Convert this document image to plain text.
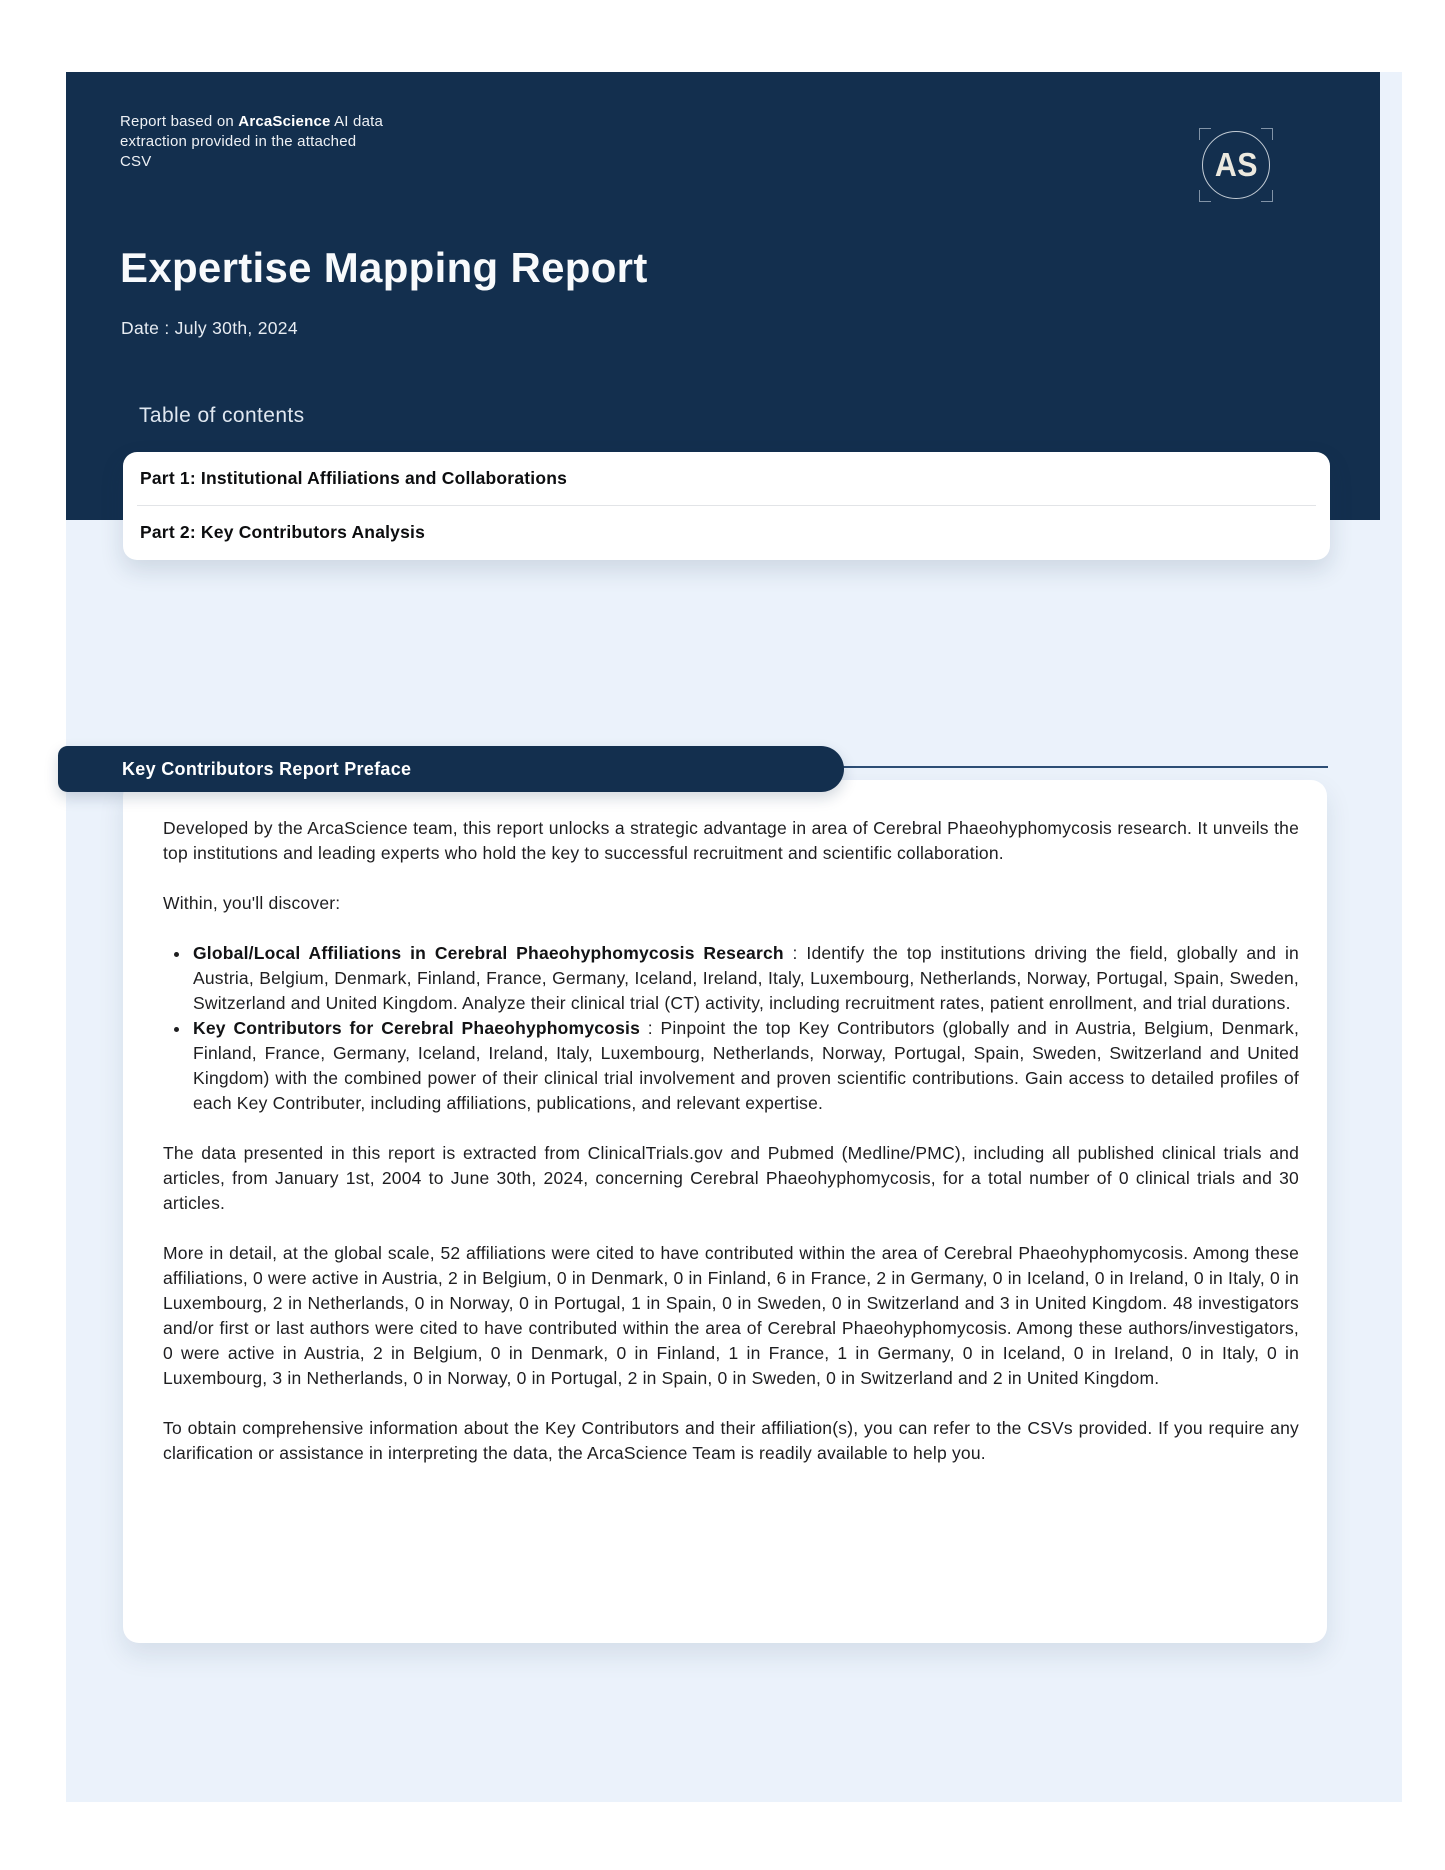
Report based on ArcaScience AI data extraction provided in the attached CSV	AS
Expertise Mapping Report

Date : July 30th, 2024

Table of contents
Part 1: Institutional Affiliations and Collaborations
Part 2: Key Contributors Analysis
Key Contributors Report Preface

Developed by the ArcaScience team, this report unlocks a strategic advantage in area of Cerebral Phaeohyphomycosis research. It unveils the top institutions and leading experts who hold the key to successful recruitment and scientific collaboration.

Within, you'll discover:

• Global/Local Affiliations in Cerebral Phaeohyphomycosis Research : Identify the top institutions driving the field, globally and in Austria, Belgium, Denmark, Finland, France, Germany, Iceland, Ireland, Italy, Luxembourg, Netherlands, Norway, Portugal, Spain, Sweden, Switzerland and United Kingdom. Analyze their clinical trial (CT) activity, including recruitment rates, patient enrollment, and trial durations.
• Key Contributors for Cerebral Phaeohyphomycosis : Pinpoint the top Key Contributors (globally and in Austria, Belgium, Denmark, Finland, France, Germany, Iceland, Ireland, Italy, Luxembourg, Netherlands, Norway, Portugal, Spain, Sweden, Switzerland and United Kingdom) with the combined power of their clinical trial involvement and proven scientific contributions. Gain access to detailed profiles of each Key Contributer, including affiliations, publications, and relevant expertise.

The data presented in this report is extracted from ClinicalTrials.gov and Pubmed (Medline/PMC), including all published clinical trials and articles, from January 1st, 2004 to June 30th, 2024, concerning Cerebral Phaeohyphomycosis, for a total number of 0 clinical trials and 30 articles.

More in detail, at the global scale, 52 affiliations were cited to have contributed within the area of Cerebral Phaeohyphomycosis. Among these affiliations, 0 were active in Austria, 2 in Belgium, 0 in Denmark, 0 in Finland, 6 in France, 2 in Germany, 0 in Iceland, 0 in Ireland, 0 in Italy, 0 in Luxembourg, 2 in Netherlands, 0 in Norway, 0 in Portugal, 1 in Spain, 0 in Sweden, 0 in Switzerland and 3 in United Kingdom. 48 investigators and/or first or last authors were cited to have contributed within the area of Cerebral Phaeohyphomycosis. Among these authors/investigators, 0 were active in Austria, 2 in Belgium, 0 in Denmark, 0 in Finland, 1 in France, 1 in Germany, 0 in Iceland, 0 in Ireland, 0 in Italy, 0 in Luxembourg, 3 in Netherlands, 0 in Norway, 0 in Portugal, 2 in Spain, 0 in Sweden, 0 in Switzerland and 2 in United Kingdom.

To obtain comprehensive information about the Key Contributors and their affiliation(s), you can refer to the CSVs provided. If you require any clarification or assistance in interpreting the data, the ArcaScience Team is readily available to help you.
